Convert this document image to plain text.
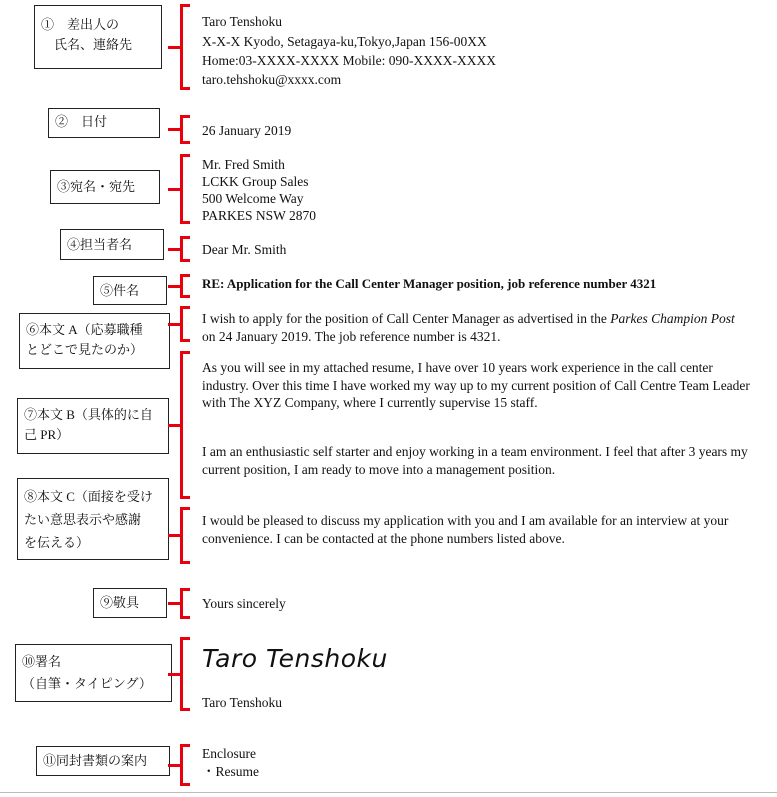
①　差出人の
　氏名、連絡先
②　日付
③宛名・宛先
④担当者名
⑤件名
⑥本文 A（応募職種
とどこで見たのか）
⑦本文 B（具体的に自
己 PR）
⑧本文 C（面接を受け
たい意思表示や感謝
を伝える）
⑨敬具
⑩署名
（自筆・タイピング）
⑪同封書類の案内
Taro Tenshoku
X-X-X Kyodo, Setagaya-ku,Tokyo,Japan 156-00XX
Home:03-XXXX-XXXX Mobile: 090-XXXX-XXXX
taro.tehshoku@xxxx.com
26 January 2019
Mr. Fred Smith
LCKK Group Sales
500 Welcome Way
PARKES NSW 2870
Dear Mr. Smith
RE: Application for the Call Center Manager position, job reference number 4321
I wish to apply for the position of Call Center Manager as advertised in the Parkes Champion Post on 24 January 2019. The job reference number is 4321.
As you will see in my attached resume, I have over 10 years work experience in the call center industry. Over this time I have worked my way up to my current position of Call Centre Team Leader with The XYZ Company, where I currently supervise 15 staff.
I am an enthusiastic self starter and enjoy working in a team environment. I feel that after 3 years my current position, I am ready to move into a management position.
I would be pleased to discuss my application with you and I am available for an interview at your convenience. I can be contacted at the phone numbers listed above.
Yours sincerely
Taro Tenshoku
Taro Tenshoku
Enclosure
・Resume
